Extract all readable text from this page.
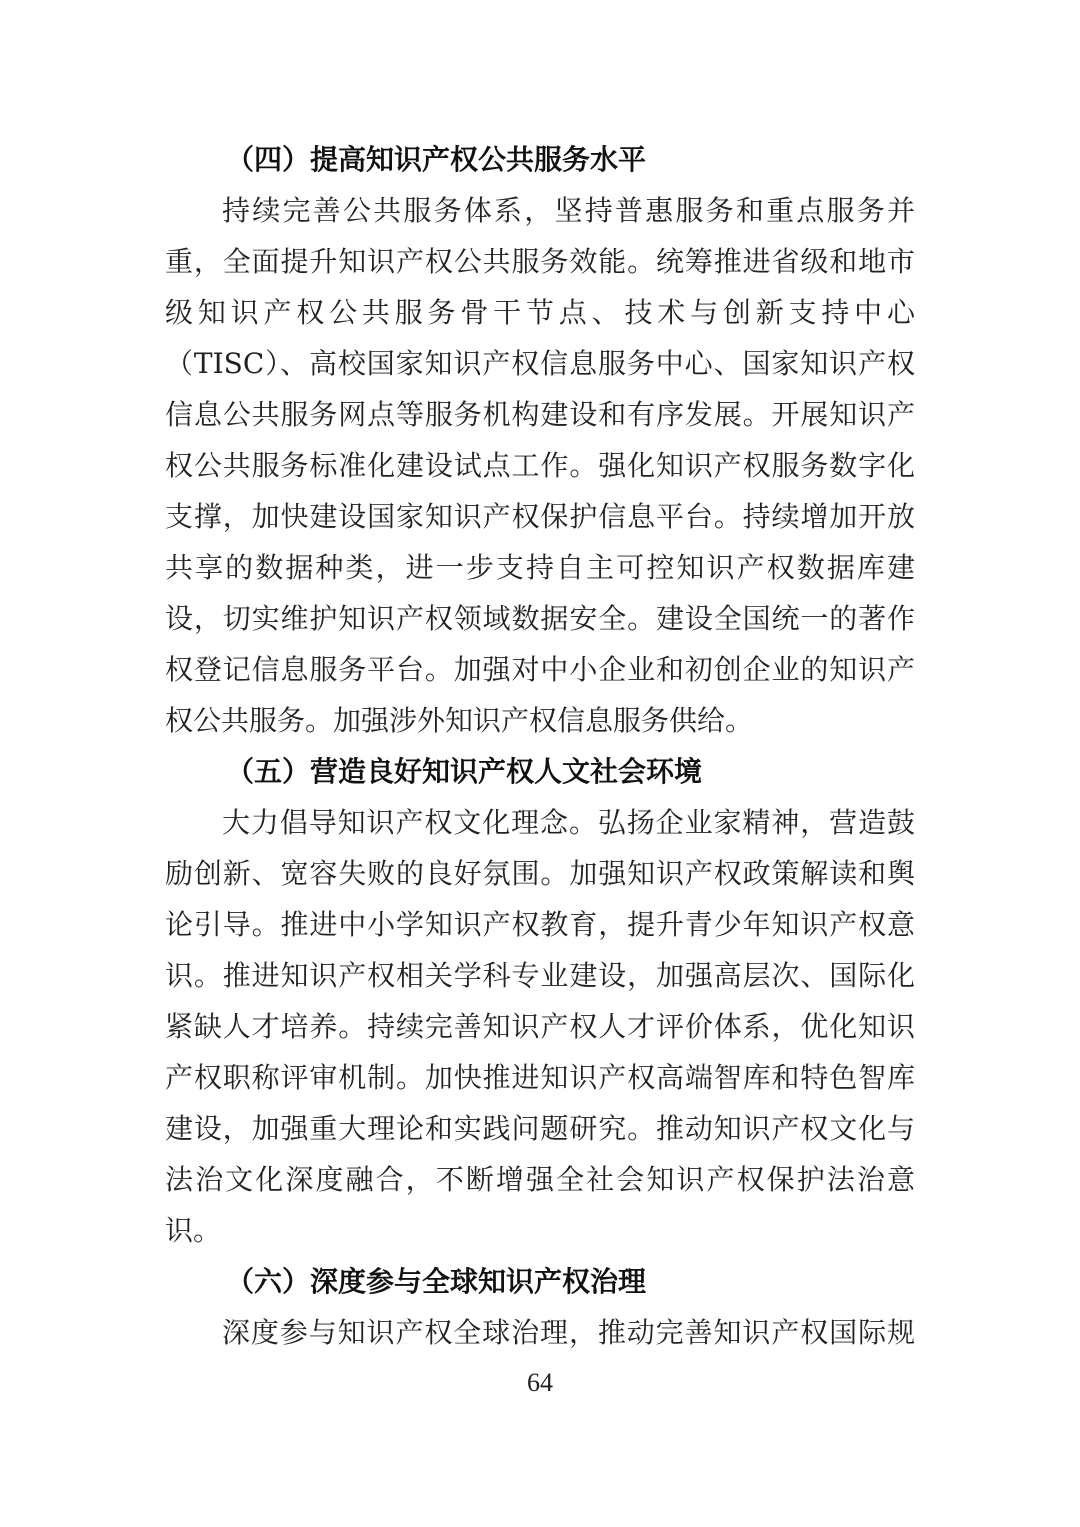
（四）提高知识产权公共服务水平
持续完善公共服务体系，坚持普惠服务和重点服务并
重，全面提升知识产权公共服务效能。统筹推进省级和地市
级知识产权公共服务骨干节点、技术与创新支持中心
（TISC）、高校国家知识产权信息服务中心、国家知识产权
信息公共服务网点等服务机构建设和有序发展。开展知识产
权公共服务标准化建设试点工作。强化知识产权服务数字化
支撑，加快建设国家知识产权保护信息平台。持续增加开放
共享的数据种类，进一步支持自主可控知识产权数据库建
设，切实维护知识产权领域数据安全。建设全国统一的著作
权登记信息服务平台。加强对中小企业和初创企业的知识产
权公共服务。加强涉外知识产权信息服务供给。
（五）营造良好知识产权人文社会环境
大力倡导知识产权文化理念。弘扬企业家精神，营造鼓
励创新、宽容失败的良好氛围。加强知识产权政策解读和舆
论引导。推进中小学知识产权教育，提升青少年知识产权意
识。推进知识产权相关学科专业建设，加强高层次、国际化
紧缺人才培养。持续完善知识产权人才评价体系，优化知识
产权职称评审机制。加快推进知识产权高端智库和特色智库
建设，加强重大理论和实践问题研究。推动知识产权文化与
法治文化深度融合，不断增强全社会知识产权保护法治意
识。
（六）深度参与全球知识产权治理
深度参与知识产权全球治理，推动完善知识产权国际规
64
